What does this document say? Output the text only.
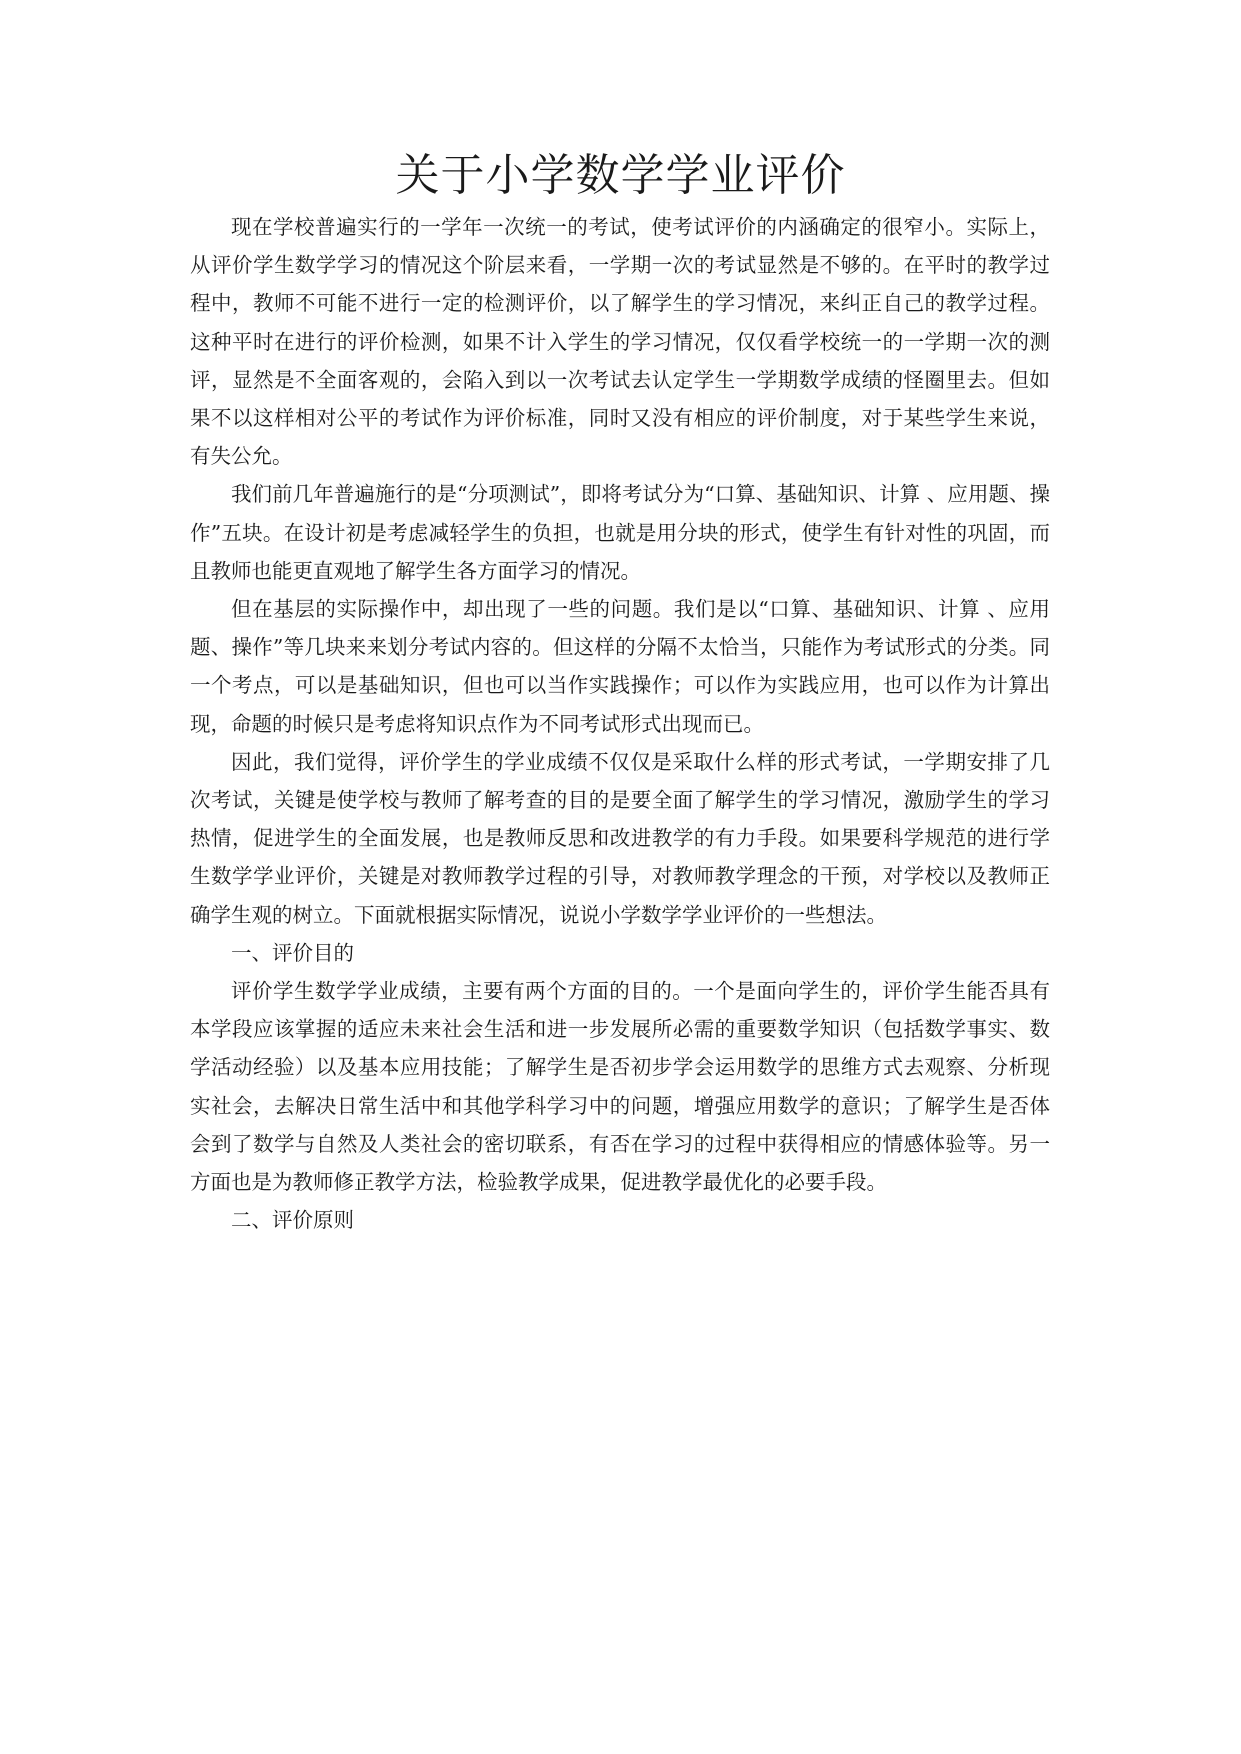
关于小学数学学业评价

现在学校普遍实行的一学年一次统一的考试，使考试评价的内涵确定的很窄小。实际上，从评价学生数学学习的情况这个阶层来看，一学期一次的考试显然是不够的。在平时的教学过程中，教师不可能不进行一定的检测评价，以了解学生的学习情况，来纠正自己的教学过程。这种平时在进行的评价检测，如果不计入学生的学习情况，仅仅看学校统一的一学期一次的测评，显然是不全面客观的，会陷入到以一次考试去认定学生一学期数学成绩的怪圈里去。但如果不以这样相对公平的考试作为评价标准，同时又没有相应的评价制度，对于某些学生来说，有失公允。

我们前几年普遍施行的是“分项测试”，即将考试分为“口算、基础知识、计算 、应用题、操作”五块。在设计初是考虑减轻学生的负担，也就是用分块的形式，使学生有针对性的巩固，而且教师也能更直观地了解学生各方面学习的情况。

但在基层的实际操作中，却出现了一些的问题。我们是以“口算、基础知识、计算 、应用题、操作”等几块来来划分考试内容的。但这样的分隔不太恰当，只能作为考试形式的分类。同一个考点，可以是基础知识，但也可以当作实践操作；可以作为实践应用，也可以作为计算出现，命题的时候只是考虑将知识点作为不同考试形式出现而已。

因此，我们觉得，评价学生的学业成绩不仅仅是采取什么样的形式考试，一学期安排了几次考试，关键是使学校与教师了解考查的目的是要全面了解学生的学习情况，激励学生的学习热情，促进学生的全面发展，也是教师反思和改进教学的有力手段。如果要科学规范的进行学生数学学业评价，关键是对教师教学过程的引导，对教师教学理念的干预，对学校以及教师正确学生观的树立。下面就根据实际情况，说说小学数学学业评价的一些想法。

一、评价目的

评价学生数学学业成绩，主要有两个方面的目的。一个是面向学生的，评价学生能否具有本学段应该掌握的适应未来社会生活和进一步发展所必需的重要数学知识（包括数学事实、数学活动经验）以及基本应用技能；了解学生是否初步学会运用数学的思维方式去观察、分析现实社会，去解决日常生活中和其他学科学习中的问题，增强应用数学的意识；了解学生是否体会到了数学与自然及人类社会的密切联系，有否在学习的过程中获得相应的情感体验等。另一方面也是为教师修正教学方法，检验教学成果，促进教学最优化的必要手段。

二、评价原则
